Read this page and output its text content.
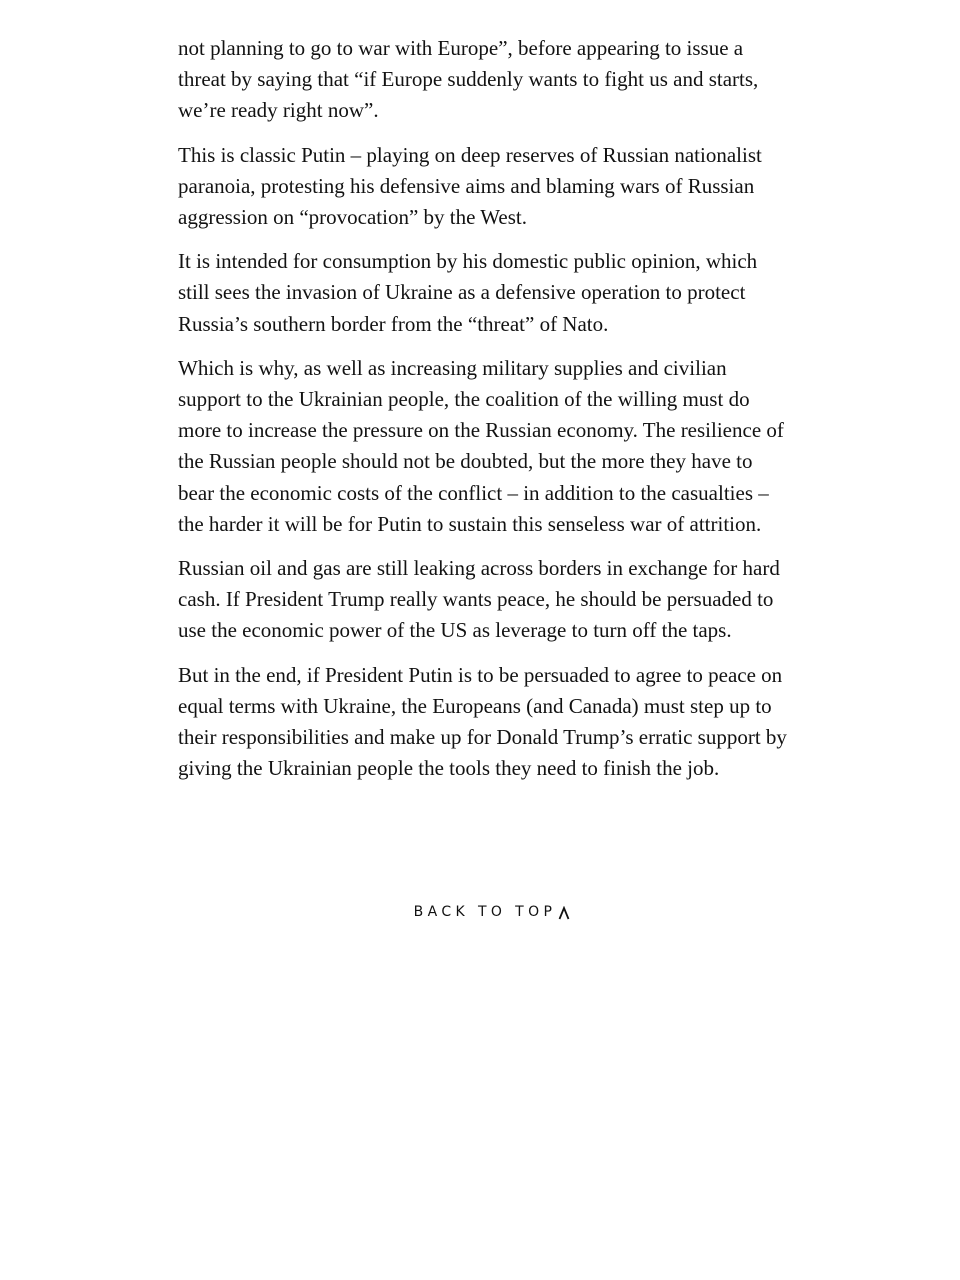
not planning to go to war with Europe”, before appearing to issue a threat by saying that “if Europe suddenly wants to fight us and starts, we’re ready right now”.

This is classic Putin – playing on deep reserves of Russian nationalist paranoia, protesting his defensive aims and blaming wars of Russian aggression on “provocation” by the West.

It is intended for consumption by his domestic public opinion, which still sees the invasion of Ukraine as a defensive operation to protect Russia’s southern border from the “threat” of Nato.

Which is why, as well as increasing military supplies and civilian support to the Ukrainian people, the coalition of the willing must do more to increase the pressure on the Russian economy. The resilience of the Russian people should not be doubted, but the more they have to bear the economic costs of the conflict – in addition to the casualties – the harder it will be for Putin to sustain this senseless war of attrition.

Russian oil and gas are still leaking across borders in exchange for hard cash. If President Trump really wants peace, he should be persuaded to use the economic power of the US as leverage to turn off the taps.

But in the end, if President Putin is to be persuaded to agree to peace on equal terms with Ukraine, the Europeans (and Canada) must step up to their responsibilities and make up for Donald Trump’s erratic support by giving the Ukrainian people the tools they need to finish the job.

BACK TO TOP
